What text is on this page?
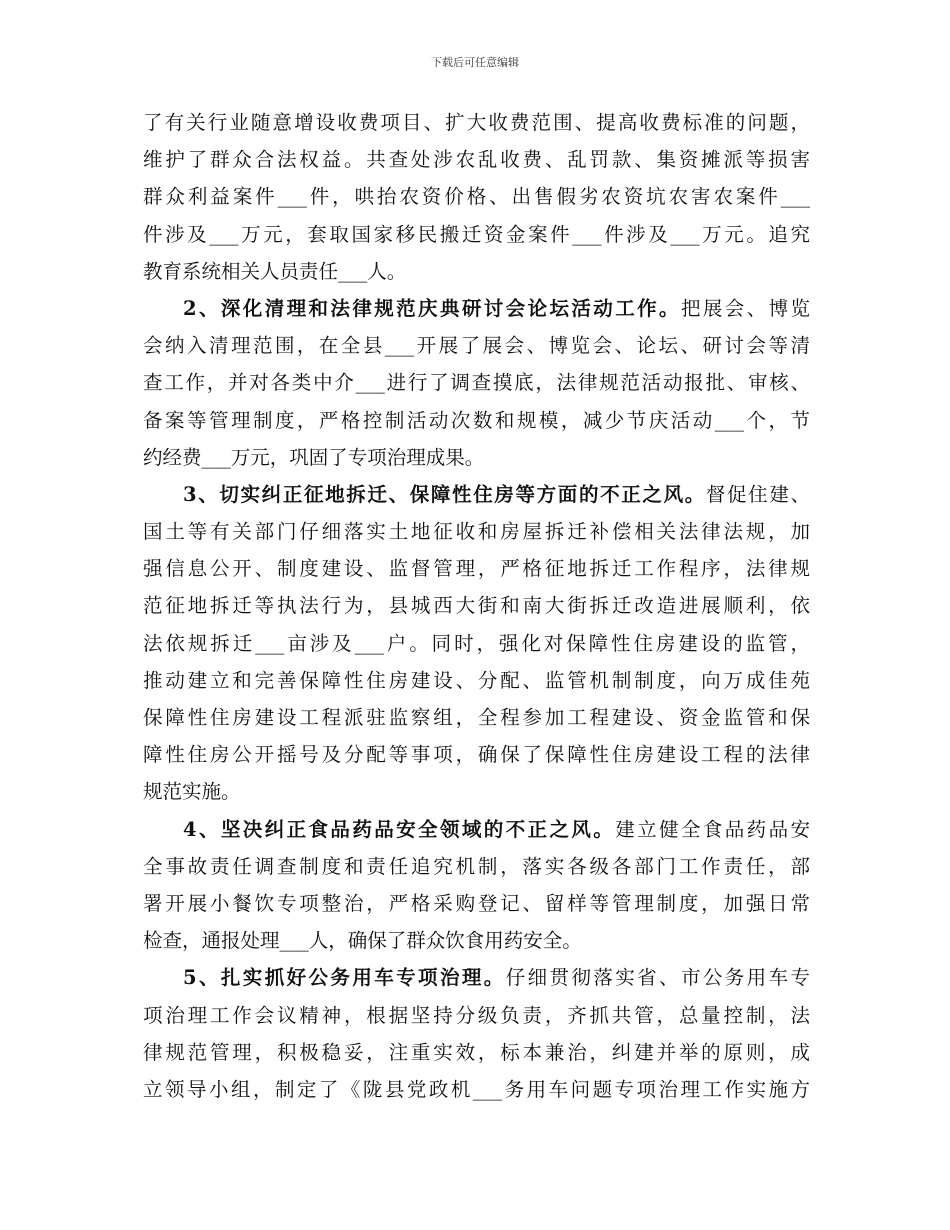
下载后可任意编辑
了有关行业随意增设收费项目、扩大收费范围、提高收费标准的问题，
维护了群众合法权益。共查处涉农乱收费、乱罚款、集资摊派等损害
群众利益案件___件，哄抬农资价格、出售假劣农资坑农害农案件___
件涉及___万元，套取国家移民搬迁资金案件___件涉及___万元。追究
教育系统相关人员责任___人。
2、深化清理和法律规范庆典研讨会论坛活动工作。把展会、博览
会纳入清理范围，在全县___开展了展会、博览会、论坛、研讨会等清
查工作，并对各类中介___进行了调查摸底，法律规范活动报批、审核、
备案等管理制度，严格控制活动次数和规模，减少节庆活动___个，节
约经费___万元，巩固了专项治理成果。
3、切实纠正征地拆迁、保障性住房等方面的不正之风。督促住建、
国土等有关部门仔细落实土地征收和房屋拆迁补偿相关法律法规，加
强信息公开、制度建设、监督管理，严格征地拆迁工作程序，法律规
范征地拆迁等执法行为，县城西大街和南大街拆迁改造进展顺利，依
法依规拆迁___亩涉及___户。同时，强化对保障性住房建设的监管，
推动建立和完善保障性住房建设、分配、监管机制制度，向万成佳苑
保障性住房建设工程派驻监察组，全程参加工程建设、资金监管和保
障性住房公开摇号及分配等事项，确保了保障性住房建设工程的法律
规范实施。
4、坚决纠正食品药品安全领域的不正之风。建立健全食品药品安
全事故责任调查制度和责任追究机制，落实各级各部门工作责任，部
署开展小餐饮专项整治，严格采购登记、留样等管理制度，加强日常
检查，通报处理___人，确保了群众饮食用药安全。
5、扎实抓好公务用车专项治理。仔细贯彻落实省、市公务用车专
项治理工作会议精神，根据坚持分级负责，齐抓共管，总量控制，法
律规范管理，积极稳妥，注重实效，标本兼治，纠建并举的原则，成
立领导小组，制定了《陇县党政机___务用车问题专项治理工作实施方
